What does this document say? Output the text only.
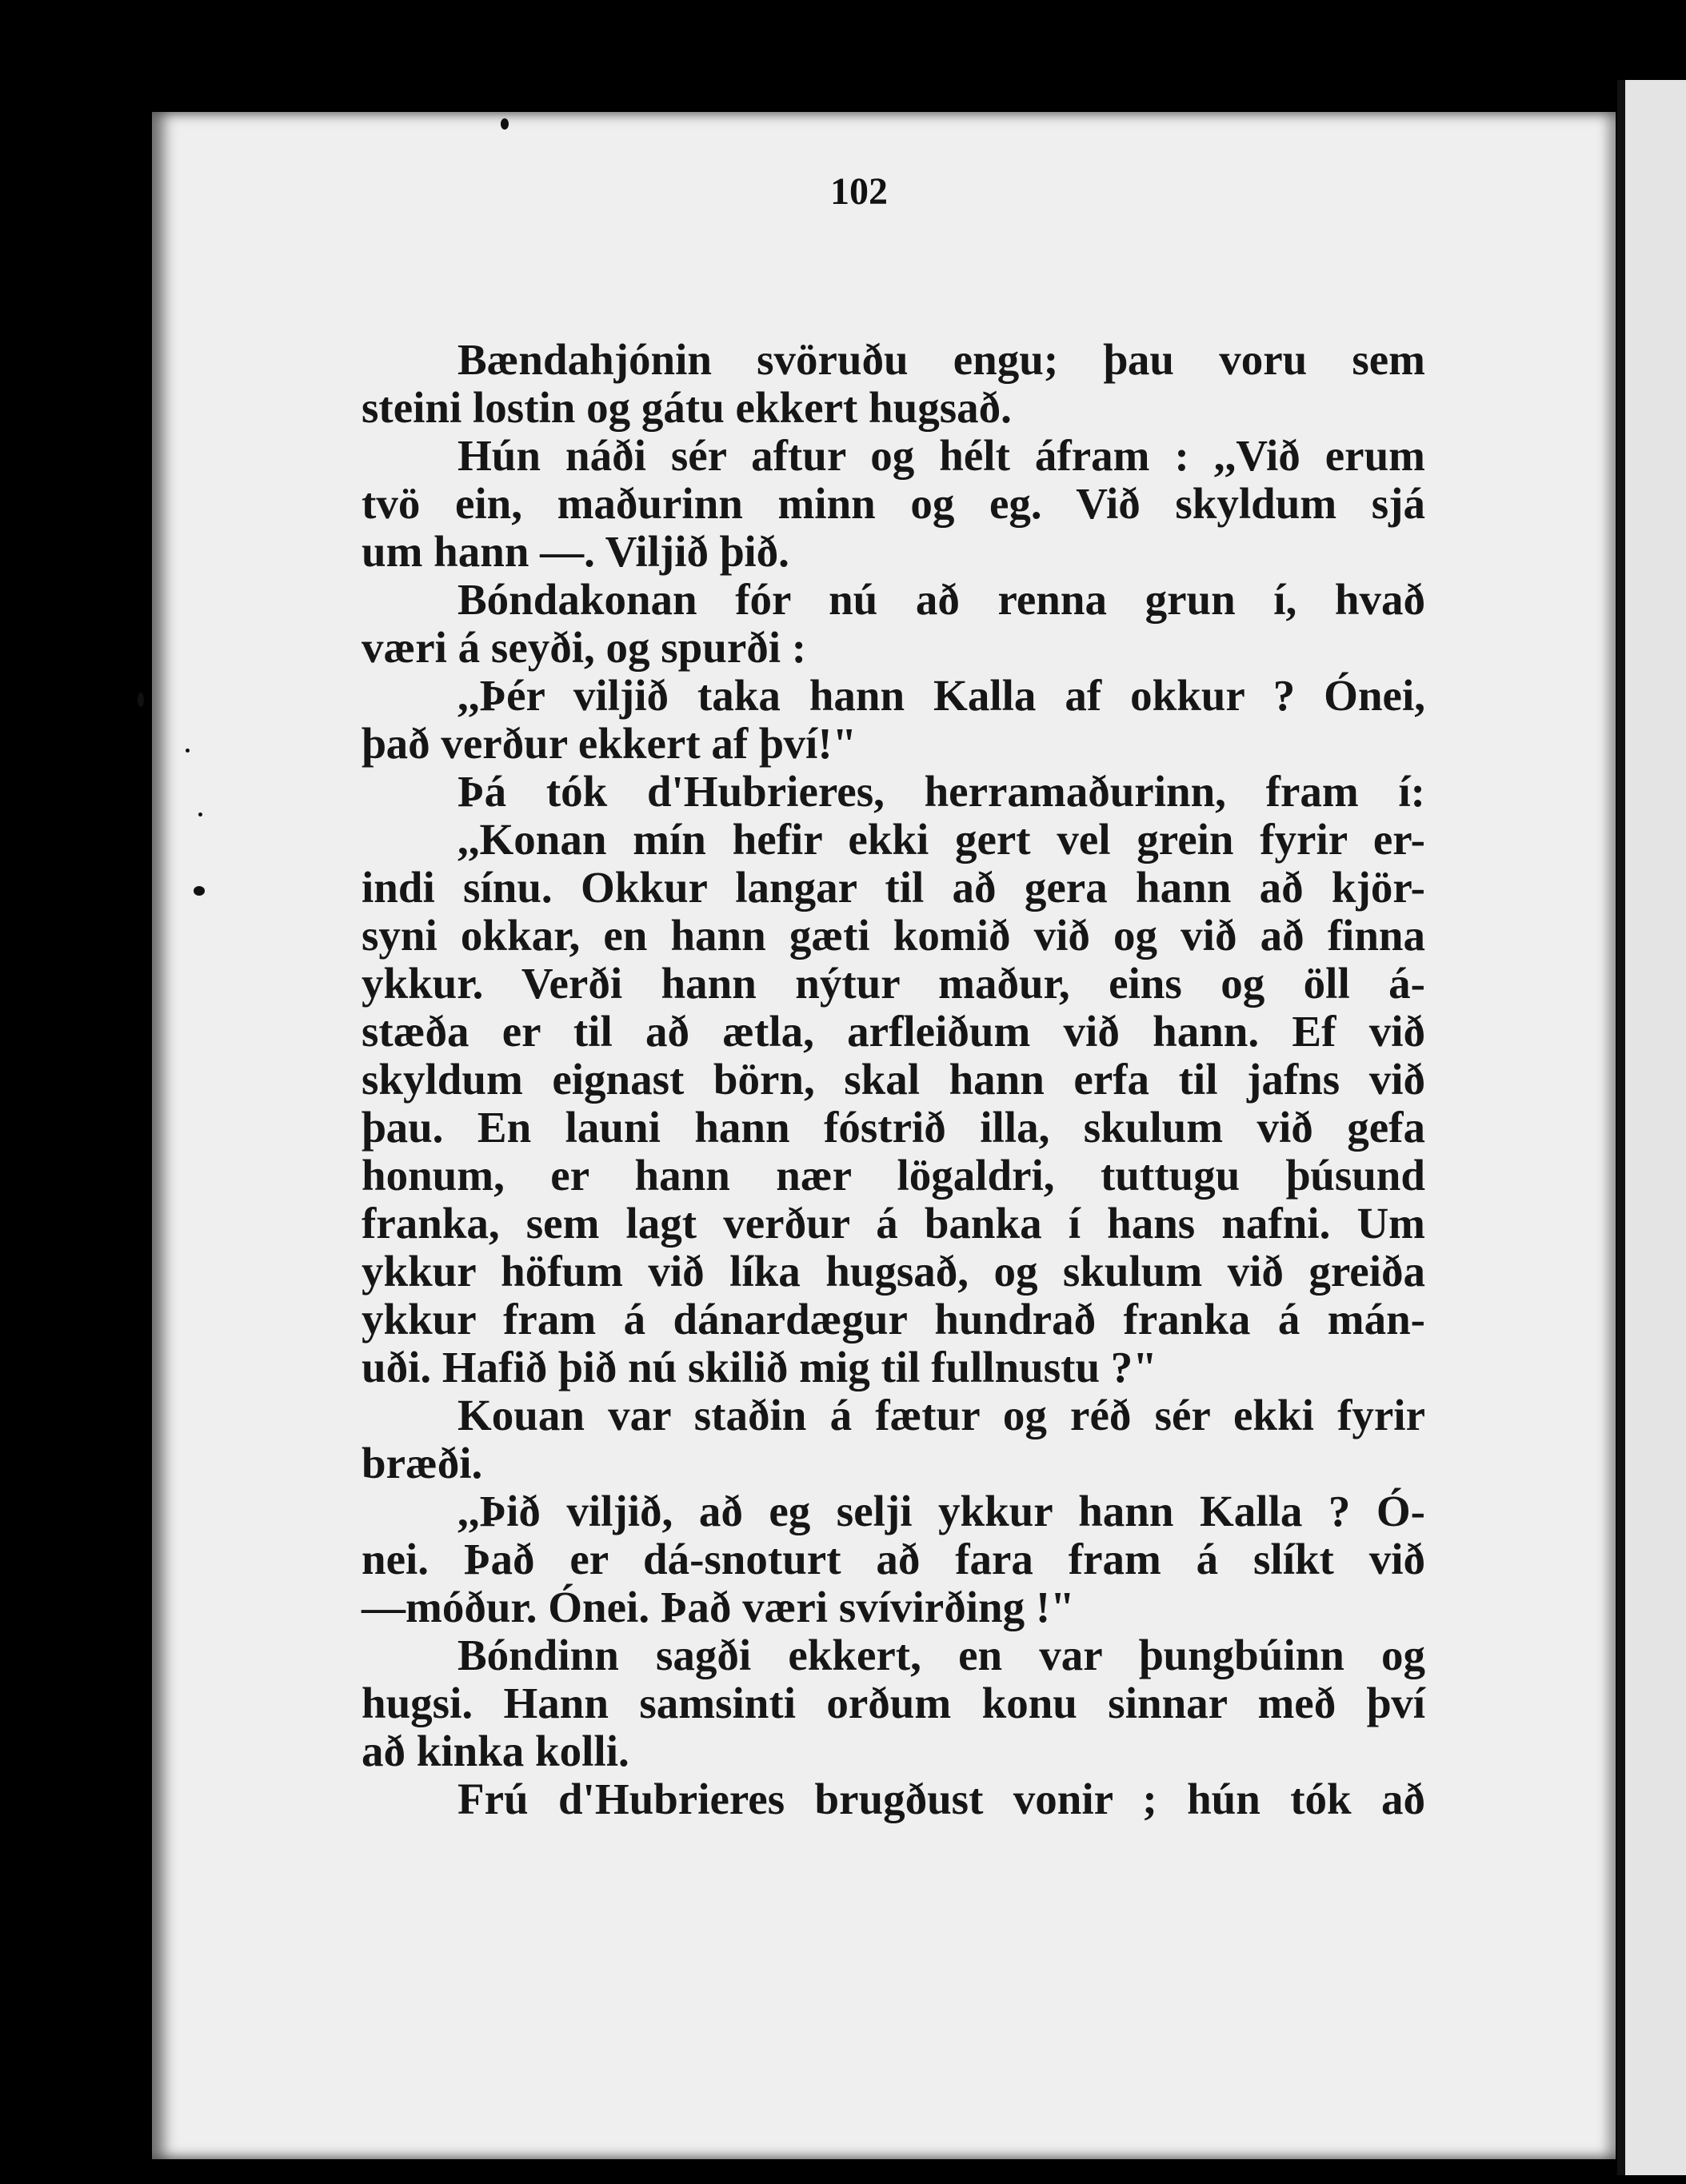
102
Bændahjónin svöruðu engu; þau voru sem
steini lostin og gátu ekkert hugsað.
Hún náði sér aftur og hélt áfram : ,,Við erum
tvö ein, maðurinn minn og eg. Við skyldum sjá
um hann —. Viljið þið.
Bóndakonan fór nú að renna grun í, hvað
væri á seyði, og spurði :
,,Þér viljið taka hann Kalla af okkur ? Ónei,
það verður ekkert af því!"
Þá tók d'Hubrieres, herramaðurinn, fram í:
,,Konan mín hefir ekki gert vel grein fyrir er-
indi sínu. Okkur langar til að gera hann að kjör-
syni okkar, en hann gæti komið við og við að finna
ykkur. Verði hann nýtur maður, eins og öll á-
stæða er til að ætla, arfleiðum við hann. Ef við
skyldum eignast börn, skal hann erfa til jafns við
þau. En launi hann fóstrið illa, skulum við gefa
honum, er hann nær lögaldri, tuttugu þúsund
franka, sem lagt verður á banka í hans nafni. Um
ykkur höfum við líka hugsað, og skulum við greiða
ykkur fram á dánardægur hundrað franka á mán-
uði. Hafið þið nú skilið mig til fullnustu ?"
Kouan var staðin á fætur og réð sér ekki fyrir
bræði.
,,Þið viljið, að eg selji ykkur hann Kalla ? Ó-
nei. Það er dá-snoturt að fara fram á slíkt við
—móður. Ónei. Það væri svívirðing !"
Bóndinn sagði ekkert, en var þungbúinn og
hugsi. Hann samsinti orðum konu sinnar með því
að kinka kolli.
Frú d'Hubrieres brugðust vonir ; hún tók að
